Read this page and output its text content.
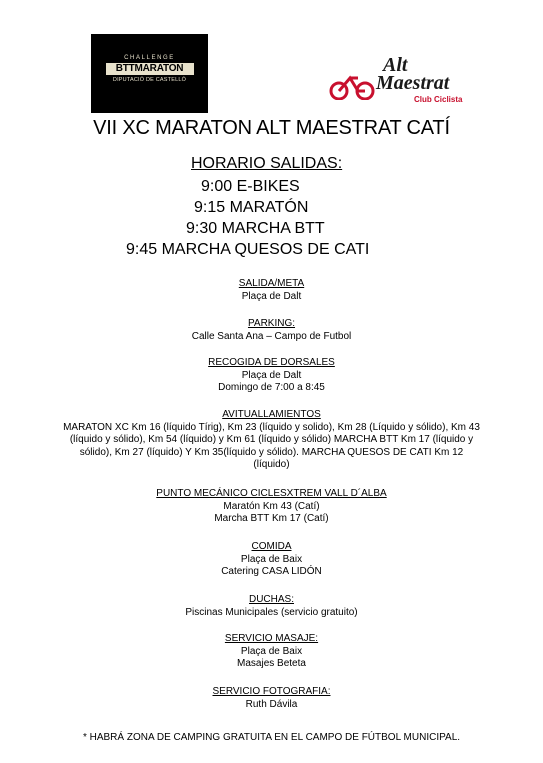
CHALLENGE
BTTMARATON
DIPUTACIÓ DE CASTELLÓ
Alt
Maestrat
Club Ciclista
VII XC MARATON ALT MAESTRAT CATÍ
HORARIO SALIDAS:
9:00 E-BIKES
9:15 MARATÓN
9:30 MARCHA BTT
9:45 MARCHA QUESOS DE CATI
SALIDA/META
Plaça de Dalt
PARKING:
Calle Santa Ana – Campo de Futbol
RECOGIDA DE DORSALES
Plaça de Dalt
Domingo de 7:00 a 8:45
AVITUALLAMIENTOS
MARATON XC Km 16 (líquido Tírig), Km 23 (líquido y solido), Km 28 (Líquido y sólido), Km 43
(líquido y sólido), Km 54 (líquido) y Km 61 (líquido y sólido) MARCHA BTT Km 17 (líquido y
sólido), Km 27 (líquido) Y Km 35(líquido y sólido). MARCHA QUESOS DE CATI Km 12
(líquido)
PUNTO MECÁNICO CICLESXTREM VALL D´ALBA
Maratón Km 43 (Catí)
Marcha BTT Km 17 (Catí)
COMIDA
Plaça de Baix
Catering CASA LIDÓN
DUCHAS:
Piscinas Municipales (servicio gratuito)
SERVICIO MASAJE:
Plaça de Baix
Masajes Beteta
SERVICIO FOTOGRAFIA:
Ruth Dávila
* HABRÁ ZONA DE CAMPING GRATUITA EN EL CAMPO DE FÚTBOL MUNICIPAL.
